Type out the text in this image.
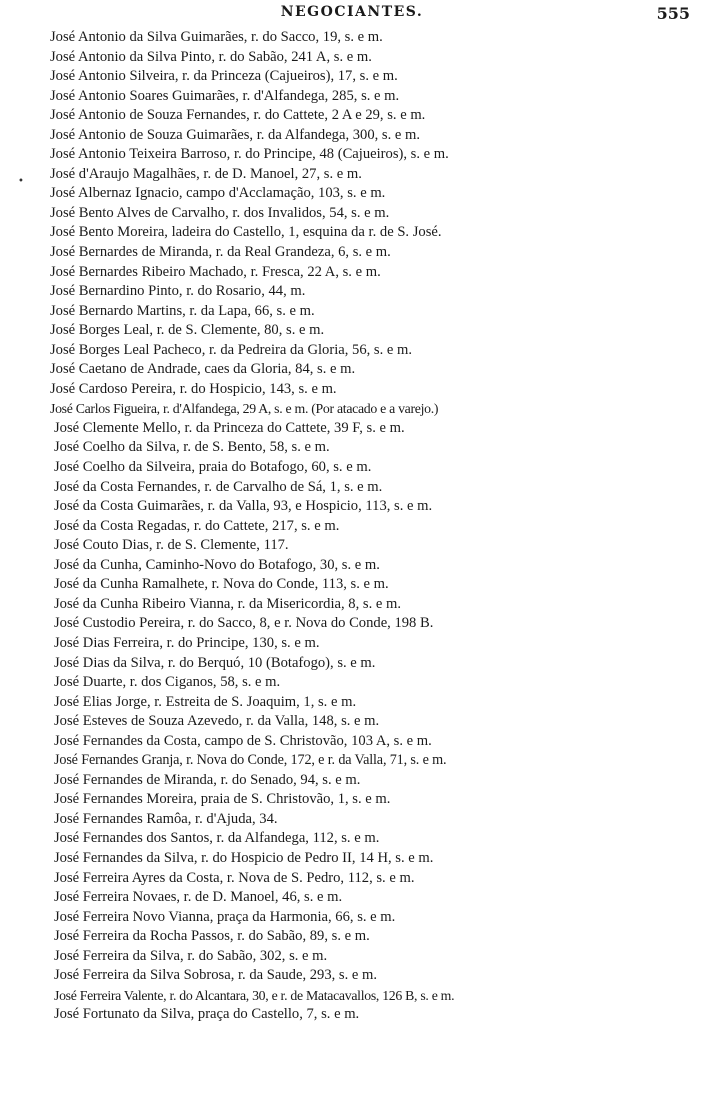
NEGOCIANTES.	555
•
José Antonio da Silva Guimarães, r. do Sacco, 19, s. e m.
José Antonio da Silva Pinto, r. do Sabão, 241 A, s. e m.
José Antonio Silveira, r. da Princeza (Cajueiros), 17, s. e m.
José Antonio Soares Guimarães, r. d'Alfandega, 285, s. e m.
José Antonio de Souza Fernandes, r. do Cattete, 2 A e 29, s. e m.
José Antonio de Souza Guimarães, r. da Alfandega, 300, s. e m.
José Antonio Teixeira Barroso, r. do Principe, 48 (Cajueiros), s. e m.
José d'Araujo Magalhães, r. de D. Manoel, 27, s. e m.
José Albernaz Ignacio, campo d'Acclamação, 103, s. e m.
José Bento Alves de Carvalho, r. dos Invalidos, 54, s. e m.
José Bento Moreira, ladeira do Castello, 1, esquina da r. de S. José.
José Bernardes de Miranda, r. da Real Grandeza, 6, s. e m.
José Bernardes Ribeiro Machado, r. Fresca, 22 A, s. e m.
José Bernardino Pinto, r. do Rosario, 44, m.
José Bernardo Martins, r. da Lapa, 66, s. e m.
José Borges Leal, r. de S. Clemente, 80, s. e m.
José Borges Leal Pacheco, r. da Pedreira da Gloria, 56, s. e m.
José Caetano de Andrade, caes da Gloria, 84, s. e m.
José Cardoso Pereira, r. do Hospicio, 143, s. e m.
José Carlos Figueira, r. d'Alfandega, 29 A, s. e m. (Por atacado e a varejo.)
José Clemente Mello, r. da Princeza do Cattete, 39 F, s. e m.
José Coelho da Silva, r. de S. Bento, 58, s. e m.
José Coelho da Silveira, praia do Botafogo, 60, s. e m.
José da Costa Fernandes, r. de Carvalho de Sá, 1, s. e m.
José da Costa Guimarães, r. da Valla, 93, e Hospicio, 113, s. e m.
José da Costa Regadas, r. do Cattete, 217, s. e m.
José Couto Dias, r. de S. Clemente, 117.
José da Cunha, Caminho-Novo do Botafogo, 30, s. e m.
José da Cunha Ramalhete, r. Nova do Conde, 113, s. e m.
José da Cunha Ribeiro Vianna, r. da Misericordia, 8, s. e m.
José Custodio Pereira, r. do Sacco, 8, e r. Nova do Conde, 198 B.
José Dias Ferreira, r. do Principe, 130, s. e m.
José Dias da Silva, r. do Berquó, 10 (Botafogo), s. e m.
José Duarte, r. dos Ciganos, 58, s. e m.
José Elias Jorge, r. Estreita de S. Joaquim, 1, s. e m.
José Esteves de Souza Azevedo, r. da Valla, 148, s. e m.
José Fernandes da Costa, campo de S. Christovão, 103 A, s. e m.
José Fernandes Granja, r. Nova do Conde, 172, e r. da Valla, 71, s. e m.
José Fernandes de Miranda, r. do Senado, 94, s. e m.
José Fernandes Moreira, praia de S. Christovão, 1, s. e m.
José Fernandes Ramôa, r. d'Ajuda, 34.
José Fernandes dos Santos, r. da Alfandega, 112, s. e m.
José Fernandes da Silva, r. do Hospicio de Pedro II, 14 H, s. e m.
José Ferreira Ayres da Costa, r. Nova de S. Pedro, 112, s. e m.
José Ferreira Novaes, r. de D. Manoel, 46, s. e m.
José Ferreira Novo Vianna, praça da Harmonia, 66, s. e m.
José Ferreira da Rocha Passos, r. do Sabão, 89, s. e m.
José Ferreira da Silva, r. do Sabão, 302, s. e m.
José Ferreira da Silva Sobrosa, r. da Saude, 293, s. e m.
José Ferreira Valente, r. do Alcantara, 30, e r. de Matacavallos, 126 B, s. e m.
José Fortunato da Silva, praça do Castello, 7, s. e m.
